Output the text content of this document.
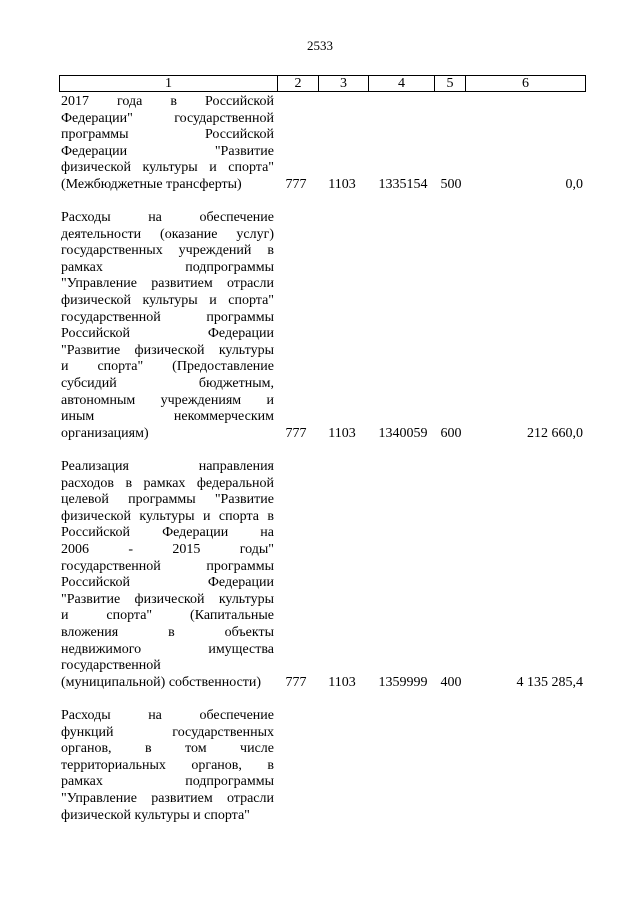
2533
1	2	3	4	5	6
2017 года в Российской
Федерации" государственной
программы Российской
Федерации "Развитие
физической культуры и спорта"
(Межбюджетные трансферты)	777	1103	1335154 500	0,0
Расходы на обеспечение
деятельности (оказание услуг)
государственных учреждений в
рамках подпрограммы
"Управление развитием отрасли
физической культуры и спорта"
государственной программы
Российской Федерации
"Развитие физической культуры
и спорта" (Предоставление
субсидий бюджетным,
автономным учреждениям и
иным некоммерческим
организациям)	777	1103	1340059 600	212 660,0
Реализация направления
расходов в рамках федеральной
целевой программы "Развитие
физической культуры и спорта в
Российской Федерации на
2006 - 2015 годы"
государственной программы
Российской Федерации
"Развитие физической культуры
и спорта" (Капитальные
вложения в объекты
недвижимого имущества
государственной
(муниципальной) собственности)	777	1103	1359999 400	4 135 285,4
Расходы на обеспечение
функций государственных
органов, в том числе
территориальных органов, в
рамках подпрограммы
"Управление развитием отрасли
физической культуры и спорта"
